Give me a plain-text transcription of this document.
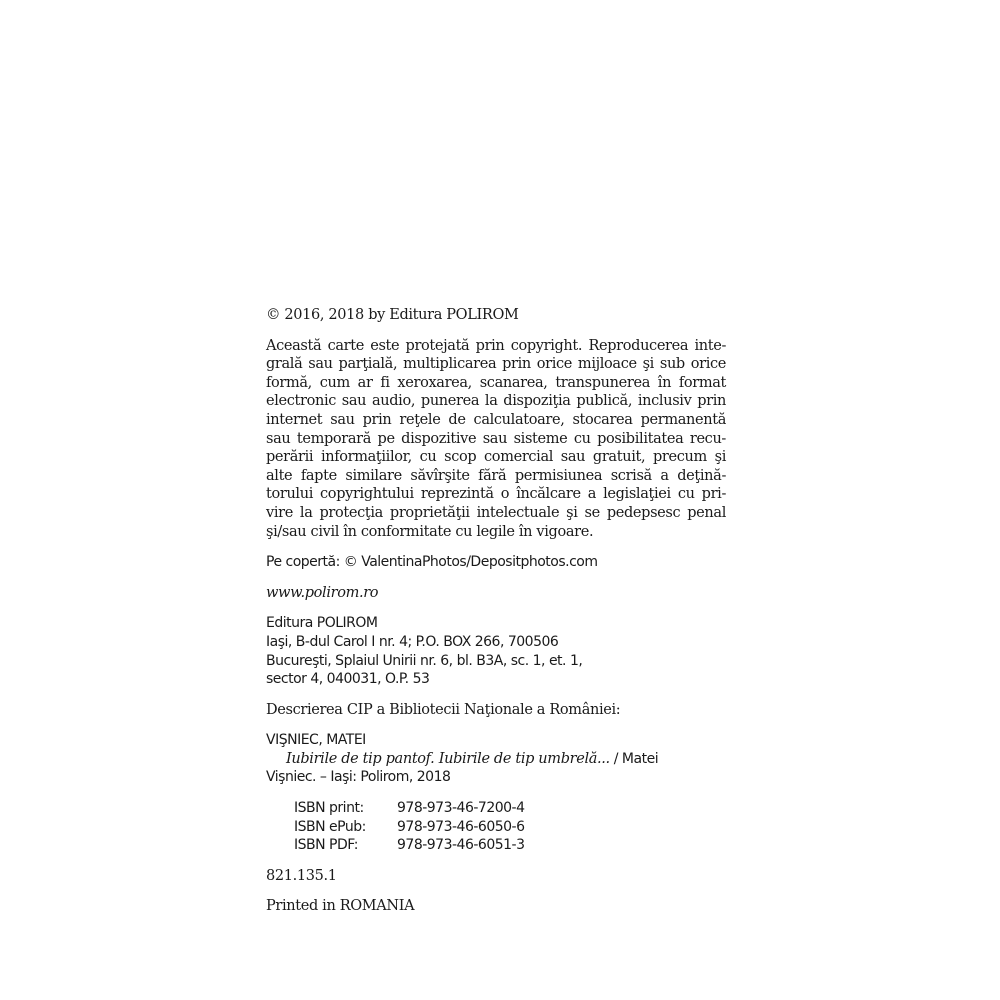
© 2016, 2018 by Editura POLIROM
Această carte este protejată prin copyright. Reproducerea inte-
grală sau parţială, multiplicarea prin orice mijloace şi sub orice
formă, cum ar fi xeroxarea, scanarea, transpunerea în format
electronic sau audio, punerea la dispoziţia publică, inclusiv prin
internet sau prin reţele de calculatoare, stocarea permanentă
sau temporară pe dispozitive sau sisteme cu posibilitatea recu-
perării informaţiilor, cu scop comercial sau gratuit, precum şi
alte fapte similare săvîrşite fără permisiunea scrisă a deţină-
torului copyrightului reprezintă o încălcare a legislaţiei cu pri-
vire la protecţia proprietăţii intelectuale şi se pedepsesc penal
şi/sau civil în conformitate cu legile în vigoare.
Pe copertă: © ValentinaPhotos/Depositphotos.com
www.polirom.ro
Editura POLIROM
Iaşi, B-dul Carol I nr. 4; P.O. BOX 266, 700506
Bucureşti, Splaiul Unirii nr. 6, bl. B3A, sc. 1, et. 1,
sector 4, 040031, O.P. 53
Descrierea CIP a Bibliotecii Naţionale a României:
VIŞNIEC, MATEI
Iubirile de tip pantof. Iubirile de tip umbrelă... / Matei
Vişniec. – Iaşi: Polirom, 2018
ISBN print:	978-973-46-7200-4
ISBN ePub:	978-973-46-6050-6
ISBN PDF:	978-973-46-6051-3
821.135.1
Printed in ROMANIA
